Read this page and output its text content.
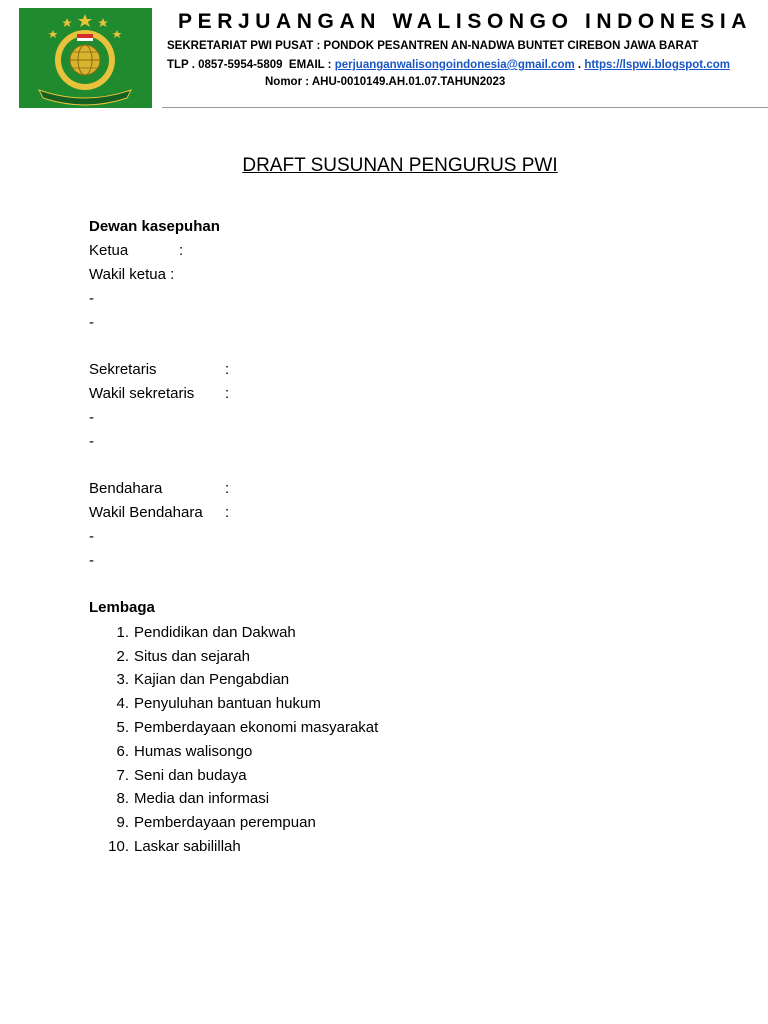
PERJUANGAN WALISONGO INDONESIA
SEKRETARIAT PWI PUSAT : PONDOK PESANTREN AN-NADWA BUNTET CIREBON JAWA BARAT
TLP . 0857-5954-5809 EMAIL : perjuanganwalisongoindonesia@gmail.com . https://lspwi.blogspot.com
Nomor : AHU-0010149.AH.01.07.TAHUN2023
DRAFT SUSUNAN PENGURUS PWI
Dewan kasepuhan
Ketua	:
Wakil ketua :
-
-
Sekretaris	:
Wakil sekretaris :
-
-
Bendahara	:
Wakil Bendahara :
-
-
Lembaga
1. Pendidikan dan Dakwah
2. Situs dan sejarah
3. Kajian dan Pengabdian
4. Penyuluhan bantuan hukum
5. Pemberdayaan ekonomi masyarakat
6. Humas walisongo
7. Seni dan budaya
8. Media dan informasi
9. Pemberdayaan perempuan
10. Laskar sabilillah
